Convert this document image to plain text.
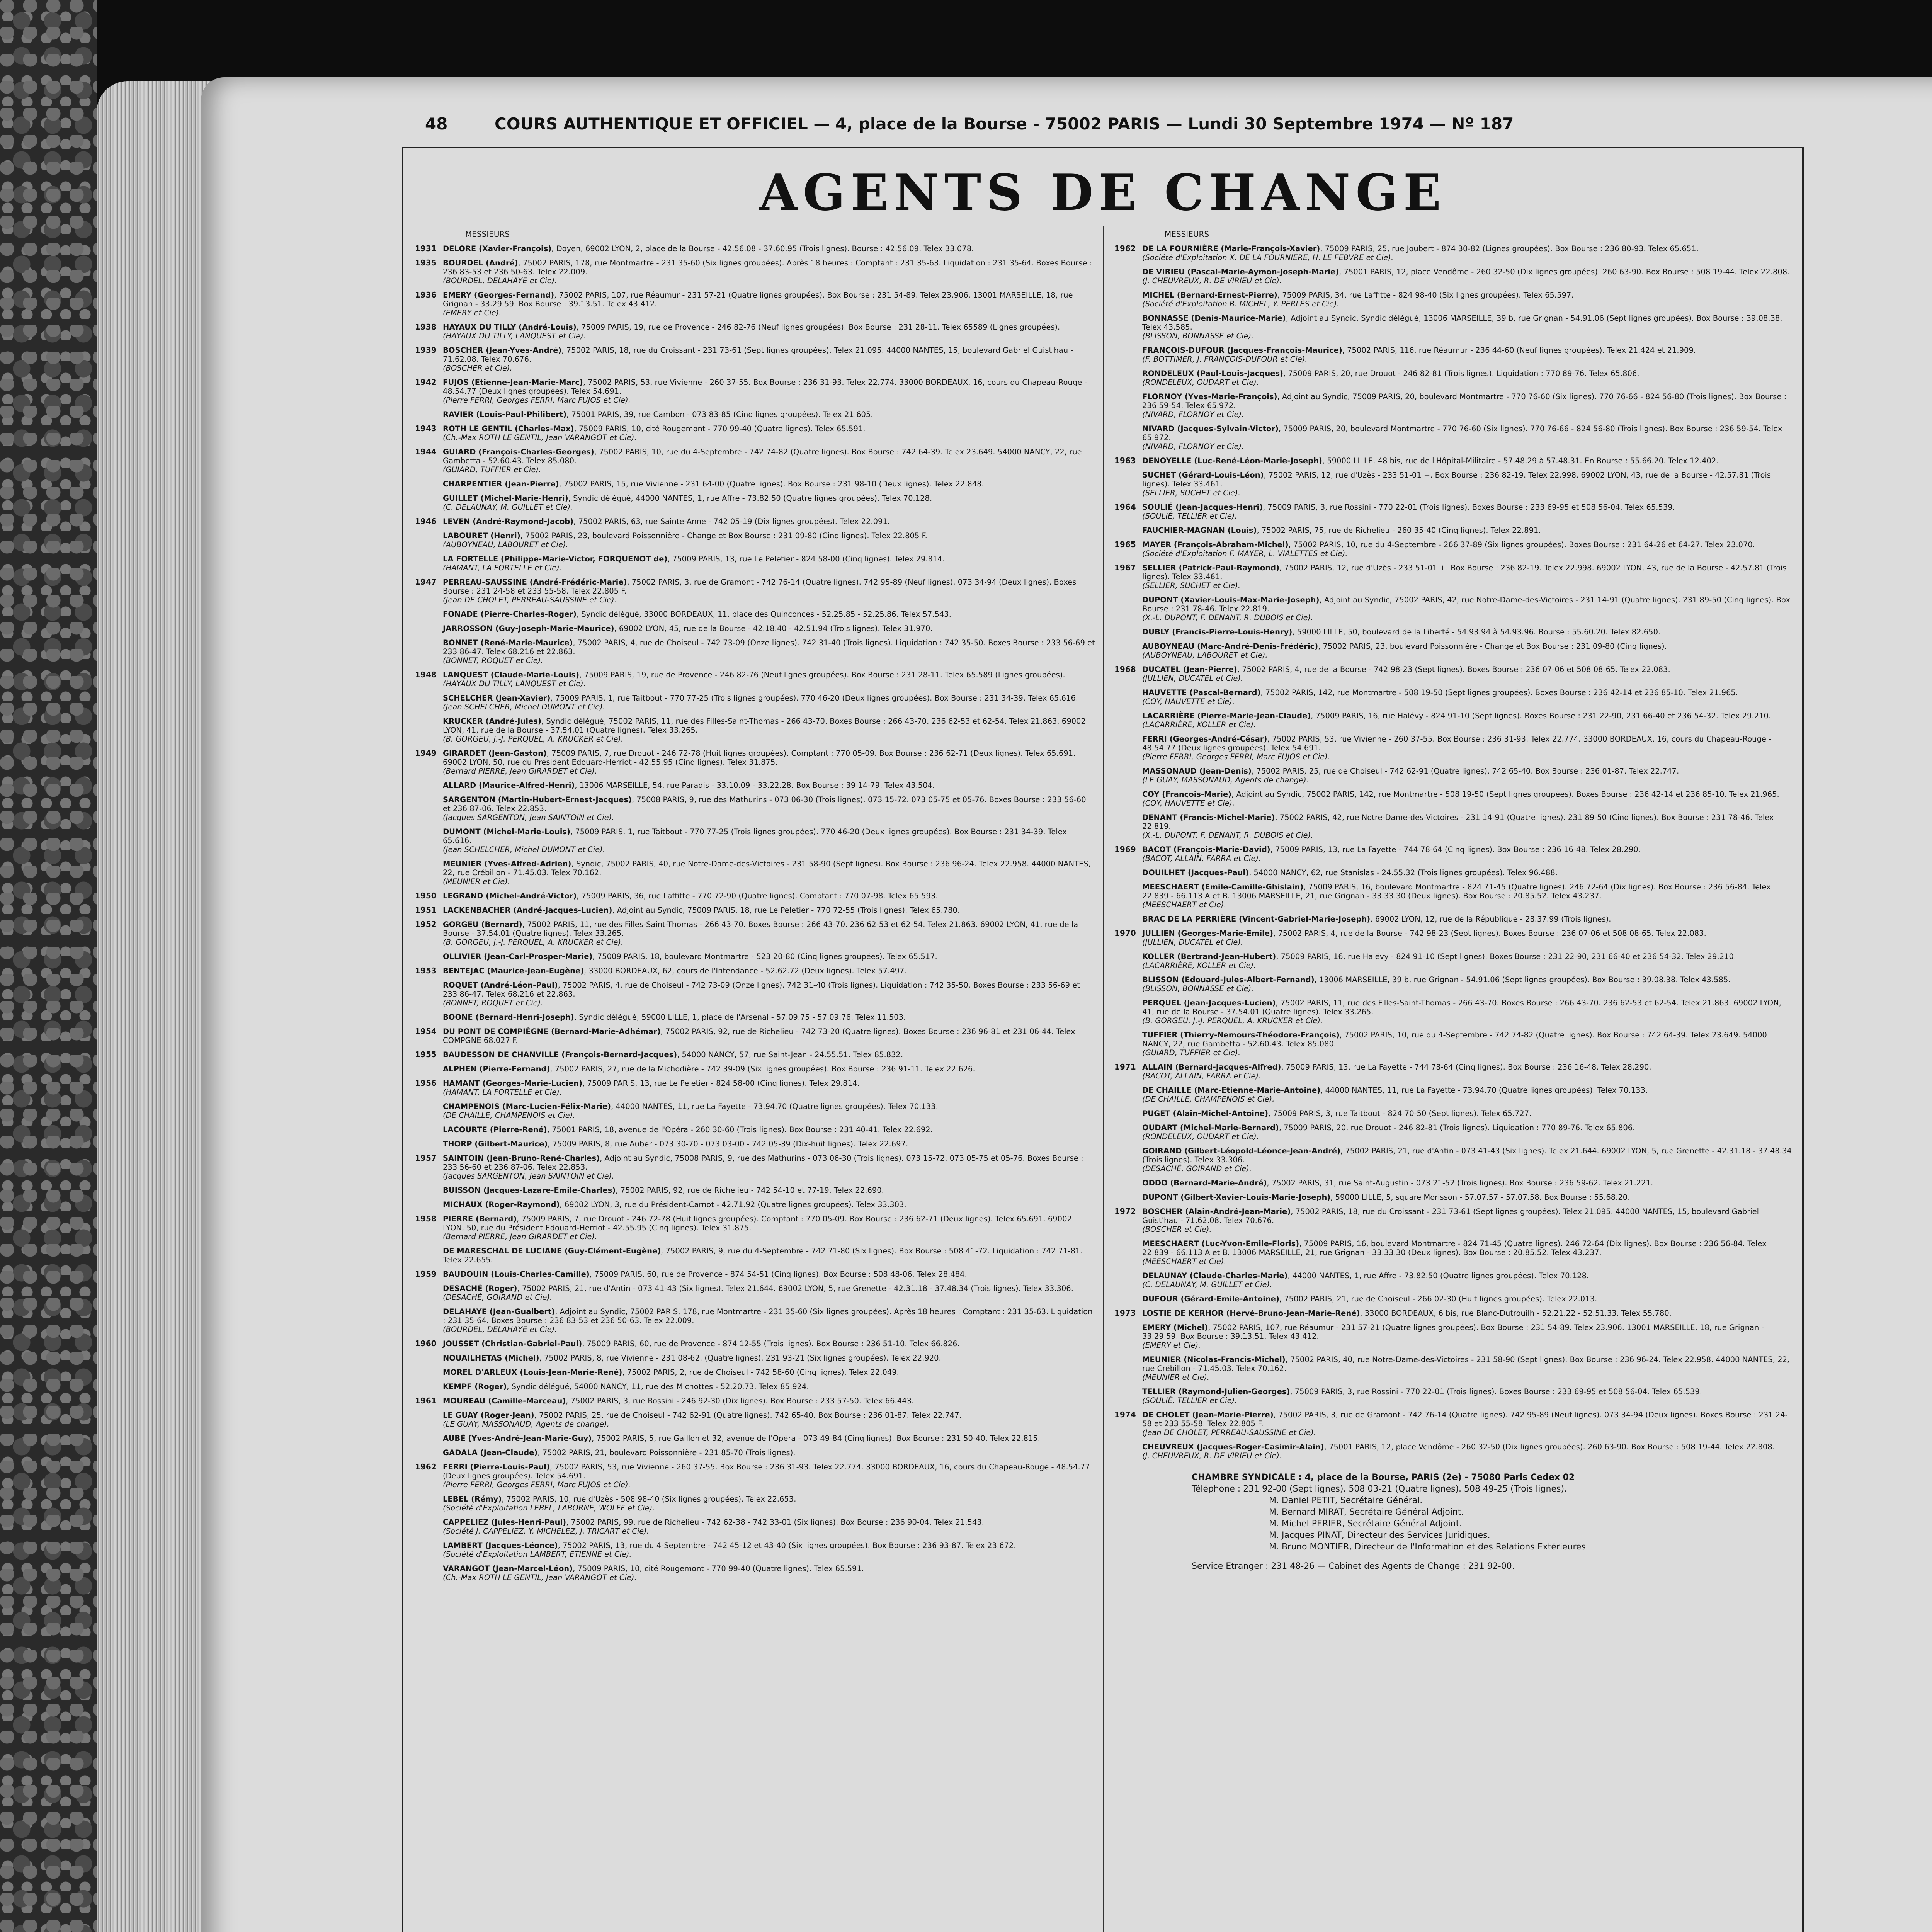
48	COURS AUTHENTIQUE ET OFFICIEL — 4, place de la Bourse - 75002 PARIS — Lundi 30 Septembre 1974 — Nº 187
AGENTS DE CHANGE
MESSIEURS
1931 DELORE (Xavier-François), Doyen, 69002 LYON, 2, place de la Bourse - 42.56.08 - 37.60.95 (Trois lignes). Bourse : 42.56.09. Telex 33.078.
1935 BOURDEL (André), 75002 PARIS, 178, rue Montmartre - 231 35-60 (Six lignes groupées). Après 18 heures : Comptant : 231 35-63. Liquidation : 231 35-64. Boxes Bourse : 236 83-53 et 236 50-63. Telex 22.009.
(BOURDEL, DELAHAYE et Cie).
1936 EMERY (Georges-Fernand), 75002 PARIS, 107, rue Réaumur - 231 57-21 (Quatre lignes groupées). Box Bourse : 231 54-89. Telex 23.906. 13001 MARSEILLE, 18, rue Grignan - 33.29.59. Box Bourse : 39.13.51. Telex 43.412.
(EMERY et Cie).
1938 HAYAUX DU TILLY (André-Louis), 75009 PARIS, 19, rue de Provence - 246 82-76 (Neuf lignes groupées). Box Bourse : 231 28-11. Telex 65589 (Lignes groupées).
(HAYAUX DU TILLY, LANQUEST et Cie).
1939 BOSCHER (Jean-Yves-André), 75002 PARIS, 18, rue du Croissant - 231 73-61 (Sept lignes groupées). Telex 21.095. 44000 NANTES, 15, boulevard Gabriel Guist'hau - 71.62.08. Telex 70.676.
(BOSCHER et Cie).
1942 FUJOS (Etienne-Jean-Marie-Marc), 75002 PARIS, 53, rue Vivienne - 260 37-55. Box Bourse : 236 31-93. Telex 22.774. 33000 BORDEAUX, 16, cours du Chapeau-Rouge - 48.54.77 (Deux lignes groupées). Telex 54.691.
(Pierre FERRI, Georges FERRI, Marc FUJOS et Cie).
RAVIER (Louis-Paul-Philibert), 75001 PARIS, 39, rue Cambon - 073 83-85 (Cinq lignes groupées). Telex 21.605.
1943 ROTH LE GENTIL (Charles-Max), 75009 PARIS, 10, cité Rougemont - 770 99-40 (Quatre lignes). Telex 65.591.
(Ch.-Max ROTH LE GENTIL, Jean VARANGOT et Cie).
1944 GUIARD (François-Charles-Georges), 75002 PARIS, 10, rue du 4-Septembre - 742 74-82 (Quatre lignes). Box Bourse : 742 64-39. Telex 23.649. 54000 NANCY, 22, rue Gambetta - 52.60.43. Telex 85.080.
(GUIARD, TUFFIER et Cie).
CHARPENTIER (Jean-Pierre), 75002 PARIS, 15, rue Vivienne - 231 64-00 (Quatre lignes). Box Bourse : 231 98-10 (Deux lignes). Telex 22.848.
GUILLET (Michel-Marie-Henri), Syndic délégué, 44000 NANTES, 1, rue Affre - 73.82.50 (Quatre lignes groupées). Telex 70.128.
(C. DELAUNAY, M. GUILLET et Cie).
1946 LEVEN (André-Raymond-Jacob), 75002 PARIS, 63, rue Sainte-Anne - 742 05-19 (Dix lignes groupées). Telex 22.091.
LABOURET (Henri), 75002 PARIS, 23, boulevard Poissonnière - Change et Box Bourse : 231 09-80 (Cinq lignes). Telex 22.805 F.
(AUBOYNEAU, LABOURET et Cie).
LA FORTELLE (Philippe-Marie-Victor, FORQUENOT de), 75009 PARIS, 13, rue Le Peletier - 824 58-00 (Cinq lignes). Telex 29.814.
(HAMANT, LA FORTELLE et Cie).
1947 PERREAU-SAUSSINE (André-Frédéric-Marie), 75002 PARIS, 3, rue de Gramont - 742 76-14 (Quatre lignes). 742 95-89 (Neuf lignes). 073 34-94 (Deux lignes). Boxes Bourse : 231 24-58 et 233 55-58. Telex 22.805 F.
(Jean DE CHOLET, PERREAU-SAUSSINE et Cie).
FONADE (Pierre-Charles-Roger), Syndic délégué, 33000 BORDEAUX, 11, place des Quinconces - 52.25.85 - 52.25.86. Telex 57.543.
JARROSSON (Guy-Joseph-Marie-Maurice), 69002 LYON, 45, rue de la Bourse - 42.18.40 - 42.51.94 (Trois lignes). Telex 31.970.
BONNET (René-Marie-Maurice), 75002 PARIS, 4, rue de Choiseul - 742 73-09 (Onze lignes). 742 31-40 (Trois lignes). Liquidation : 742 35-50. Boxes Bourse : 233 56-69 et 233 86-47. Telex 68.216 et 22.863.
(BONNET, ROQUET et Cie).
1948 LANQUEST (Claude-Marie-Louis), 75009 PARIS, 19, rue de Provence - 246 82-76 (Neuf lignes groupées). Box Bourse : 231 28-11. Telex 65.589 (Lignes groupées).
(HAYAUX DU TILLY, LANQUEST et Cie).
SCHELCHER (Jean-Xavier), 75009 PARIS, 1, rue Taitbout - 770 77-25 (Trois lignes groupées). 770 46-20 (Deux lignes groupées). Box Bourse : 231 34-39. Telex 65.616.
(Jean SCHELCHER, Michel DUMONT et Cie).
KRUCKER (André-Jules), Syndic délégué, 75002 PARIS, 11, rue des Filles-Saint-Thomas - 266 43-70. Boxes Bourse : 266 43-70. 236 62-53 et 62-54. Telex 21.863. 69002 LYON, 41, rue de la Bourse - 37.54.01 (Quatre lignes). Telex 33.265.
(B. GORGEU, J.-J. PERQUEL, A. KRUCKER et Cie).
1949 GIRARDET (Jean-Gaston), 75009 PARIS, 7, rue Drouot - 246 72-78 (Huit lignes groupées). Comptant : 770 05-09. Box Bourse : 236 62-71 (Deux lignes). Telex 65.691. 69002 LYON, 50, rue du Président Edouard-Herriot - 42.55.95 (Cinq lignes). Telex 31.875.
(Bernard PIERRE, Jean GIRARDET et Cie).
ALLARD (Maurice-Alfred-Henri), 13006 MARSEILLE, 54, rue Paradis - 33.10.09 - 33.22.28. Box Bourse : 39 14-79. Telex 43.504.
SARGENTON (Martin-Hubert-Ernest-Jacques), 75008 PARIS, 9, rue des Mathurins - 073 06-30 (Trois lignes). 073 15-72. 073 05-75 et 05-76. Boxes Bourse : 233 56-60 et 236 87-06. Telex 22.853.
(Jacques SARGENTON, Jean SAINTOIN et Cie).
DUMONT (Michel-Marie-Louis), 75009 PARIS, 1, rue Taitbout - 770 77-25 (Trois lignes groupées). 770 46-20 (Deux lignes groupées). Box Bourse : 231 34-39. Telex 65.616.
(Jean SCHELCHER, Michel DUMONT et Cie).
MEUNIER (Yves-Alfred-Adrien), Syndic, 75002 PARIS, 40, rue Notre-Dame-des-Victoires - 231 58-90 (Sept lignes). Box Bourse : 236 96-24. Telex 22.958. 44000 NANTES, 22, rue Crébillon - 71.45.03. Telex 70.162.
(MEUNIER et Cie).
1950 LEGRAND (Michel-André-Victor), 75009 PARIS, 36, rue Laffitte - 770 72-90 (Quatre lignes). Comptant : 770 07-98. Telex 65.593.
1951 LACKENBACHER (André-Jacques-Lucien), Adjoint au Syndic, 75009 PARIS, 18, rue Le Peletier - 770 72-55 (Trois lignes). Telex 65.780.
1952 GORGEU (Bernard), 75002 PARIS, 11, rue des Filles-Saint-Thomas - 266 43-70. Boxes Bourse : 266 43-70. 236 62-53 et 62-54. Telex 21.863. 69002 LYON, 41, rue de la Bourse - 37.54.01 (Quatre lignes). Telex 33.265.
(B. GORGEU, J.-J. PERQUEL, A. KRUCKER et Cie).
OLLIVIER (Jean-Carl-Prosper-Marie), 75009 PARIS, 18, boulevard Montmartre - 523 20-80 (Cinq lignes groupées). Telex 65.517.
1953 BENTEJAC (Maurice-Jean-Eugène), 33000 BORDEAUX, 62, cours de l'Intendance - 52.62.72 (Deux lignes). Telex 57.497.
ROQUET (André-Léon-Paul), 75002 PARIS, 4, rue de Choiseul - 742 73-09 (Onze lignes). 742 31-40 (Trois lignes). Liquidation : 742 35-50. Boxes Bourse : 233 56-69 et 233 86-47. Telex 68.216 et 22.863.
(BONNET, ROQUET et Cie).
BOONE (Bernard-Henri-Joseph), Syndic délégué, 59000 LILLE, 1, place de l'Arsenal - 57.09.75 - 57.09.76. Telex 11.503.
1954 DU PONT DE COMPIÈGNE (Bernard-Marie-Adhémar), 75002 PARIS, 92, rue de Richelieu - 742 73-20 (Quatre lignes). Boxes Bourse : 236 96-81 et 231 06-44. Telex COMPGNE 68.027 F.
1955 BAUDESSON DE CHANVILLE (François-Bernard-Jacques), 54000 NANCY, 57, rue Saint-Jean - 24.55.51. Telex 85.832.
ALPHEN (Pierre-Fernand), 75002 PARIS, 27, rue de la Michodière - 742 39-09 (Six lignes groupées). Box Bourse : 236 91-11. Telex 22.626.
1956 HAMANT (Georges-Marie-Lucien), 75009 PARIS, 13, rue Le Peletier - 824 58-00 (Cinq lignes). Telex 29.814.
(HAMANT, LA FORTELLE et Cie).
CHAMPENOIS (Marc-Lucien-Félix-Marie), 44000 NANTES, 11, rue La Fayette - 73.94.70 (Quatre lignes groupées). Telex 70.133.
(DE CHAILLE, CHAMPENOIS et Cie).
LACOURTE (Pierre-René), 75001 PARIS, 18, avenue de l'Opéra - 260 30-60 (Trois lignes). Box Bourse : 231 40-41. Telex 22.692.
THORP (Gilbert-Maurice), 75009 PARIS, 8, rue Auber - 073 30-70 - 073 03-00 - 742 05-39 (Dix-huit lignes). Telex 22.697.
1957 SAINTOIN (Jean-Bruno-René-Charles), Adjoint au Syndic, 75008 PARIS, 9, rue des Mathurins - 073 06-30 (Trois lignes). 073 15-72. 073 05-75 et 05-76. Boxes Bourse : 233 56-60 et 236 87-06. Telex 22.853.
(Jacques SARGENTON, Jean SAINTOIN et Cie).
BUISSON (Jacques-Lazare-Emile-Charles), 75002 PARIS, 92, rue de Richelieu - 742 54-10 et 77-19. Telex 22.690.
MICHAUX (Roger-Raymond), 69002 LYON, 3, rue du Président-Carnot - 42.71.92 (Quatre lignes groupées). Telex 33.303.
1958 PIERRE (Bernard), 75009 PARIS, 7, rue Drouot - 246 72-78 (Huit lignes groupées). Comptant : 770 05-09. Box Bourse : 236 62-71 (Deux lignes). Telex 65.691. 69002 LYON, 50, rue du Président Edouard-Herriot - 42.55.95 (Cinq lignes). Telex 31.875.
(Bernard PIERRE, Jean GIRARDET et Cie).
DE MARESCHAL DE LUCIANE (Guy-Clément-Eugène), 75002 PARIS, 9, rue du 4-Septembre - 742 71-80 (Six lignes). Box Bourse : 508 41-72. Liquidation : 742 71-81. Telex 22.655.
1959 BAUDOUIN (Louis-Charles-Camille), 75009 PARIS, 60, rue de Provence - 874 54-51 (Cinq lignes). Box Bourse : 508 48-06. Telex 28.484.
DESACHÉ (Roger), 75002 PARIS, 21, rue d'Antin - 073 41-43 (Six lignes). Telex 21.644. 69002 LYON, 5, rue Grenette - 42.31.18 - 37.48.34 (Trois lignes). Telex 33.306.
(DESACHÉ, GOIRAND et Cie).
DELAHAYE (Jean-Gualbert), Adjoint au Syndic, 75002 PARIS, 178, rue Montmartre - 231 35-60 (Six lignes groupées). Après 18 heures : Comptant : 231 35-63. Liquidation : 231 35-64. Boxes Bourse : 236 83-53 et 236 50-63. Telex 22.009.
(BOURDEL, DELAHAYE et Cie).
1960 JOUSSET (Christian-Gabriel-Paul), 75009 PARIS, 60, rue de Provence - 874 12-55 (Trois lignes). Box Bourse : 236 51-10. Telex 66.826.
NOUAILHETAS (Michel), 75002 PARIS, 8, rue Vivienne - 231 08-62. (Quatre lignes). 231 93-21 (Six lignes groupées). Telex 22.920.
MOREL D'ARLEUX (Louis-Jean-Marie-René), 75002 PARIS, 2, rue de Choiseul - 742 58-60 (Cinq lignes). Telex 22.049.
KEMPF (Roger), Syndic délégué, 54000 NANCY, 11, rue des Michottes - 52.20.73. Telex 85.924.
1961 MOUREAU (Camille-Marceau), 75002 PARIS, 3, rue Rossini - 246 92-30 (Dix lignes). Box Bourse : 233 57-50. Telex 66.443.
LE GUAY (Roger-Jean), 75002 PARIS, 25, rue de Choiseul - 742 62-91 (Quatre lignes). 742 65-40. Box Bourse : 236 01-87. Telex 22.747.
(LE GUAY, MASSONAUD, Agents de change).
AUBÉ (Yves-André-Jean-Marie-Guy), 75002 PARIS, 5, rue Gaillon et 32, avenue de l'Opéra - 073 49-84 (Cinq lignes). Box Bourse : 231 50-40. Telex 22.815.
GADALA (Jean-Claude), 75002 PARIS, 21, boulevard Poissonnière - 231 85-70 (Trois lignes).
1962 FERRI (Pierre-Louis-Paul), 75002 PARIS, 53, rue Vivienne - 260 37-55. Box Bourse : 236 31-93. Telex 22.774. 33000 BORDEAUX, 16, cours du Chapeau-Rouge - 48.54.77 (Deux lignes groupées). Telex 54.691.
(Pierre FERRI, Georges FERRI, Marc FUJOS et Cie).
LEBEL (Rémy), 75002 PARIS, 10, rue d'Uzès - 508 98-40 (Six lignes groupées). Telex 22.653.
(Société d'Exploitation LEBEL, LABORNE, WOLFF et Cie).
CAPPELIEZ (Jules-Henri-Paul), 75002 PARIS, 99, rue de Richelieu - 742 62-38 - 742 33-01 (Six lignes). Box Bourse : 236 90-04. Telex 21.543.
(Société J. CAPPELIEZ, Y. MICHELEZ, J. TRICART et Cie).
LAMBERT (Jacques-Léonce), 75002 PARIS, 13, rue du 4-Septembre - 742 45-12 et 43-40 (Six lignes groupées). Box Bourse : 236 93-87. Telex 23.672.
(Société d'Exploitation LAMBERT, ETIENNE et Cie).
VARANGOT (Jean-Marcel-Léon), 75009 PARIS, 10, cité Rougemont - 770 99-40 (Quatre lignes). Telex 65.591.
(Ch.-Max ROTH LE GENTIL, Jean VARANGOT et Cie).
MESSIEURS
1962 DE LA FOURNIÈRE (Marie-François-Xavier), 75009 PARIS, 25, rue Joubert - 874 30-82 (Lignes groupées). Box Bourse : 236 80-93. Telex 65.651.
(Société d'Exploitation X. DE LA FOURNIÈRE, H. LE FEBVRE et Cie).
DE VIRIEU (Pascal-Marie-Aymon-Joseph-Marie), 75001 PARIS, 12, place Vendôme - 260 32-50 (Dix lignes groupées). 260 63-90. Box Bourse : 508 19-44. Telex 22.808.
(J. CHEUVREUX, R. DE VIRIEU et Cie).
MICHEL (Bernard-Ernest-Pierre), 75009 PARIS, 34, rue Laffitte - 824 98-40 (Six lignes groupées). Telex 65.597.
(Société d'Exploitation B. MICHEL, Y. PERLÈS et Cie).
BONNASSE (Denis-Maurice-Marie), Adjoint au Syndic, Syndic délégué, 13006 MARSEILLE, 39 b, rue Grignan - 54.91.06 (Sept lignes groupées). Box Bourse : 39.08.38. Telex 43.585.
(BLISSON, BONNASSE et Cie).
FRANÇOIS-DUFOUR (Jacques-François-Maurice), 75002 PARIS, 116, rue Réaumur - 236 44-60 (Neuf lignes groupées). Telex 21.424 et 21.909.
(F. BOTTIMER, J. FRANÇOIS-DUFOUR et Cie).
RONDELEUX (Paul-Louis-Jacques), 75009 PARIS, 20, rue Drouot - 246 82-81 (Trois lignes). Liquidation : 770 89-76. Telex 65.806.
(RONDELEUX, OUDART et Cie).
FLORNOY (Yves-Marie-François), Adjoint au Syndic, 75009 PARIS, 20, boulevard Montmartre - 770 76-60 (Six lignes). 770 76-66 - 824 56-80 (Trois lignes). Box Bourse : 236 59-54. Telex 65.972.
(NIVARD, FLORNOY et Cie).
NIVARD (Jacques-Sylvain-Victor), 75009 PARIS, 20, boulevard Montmartre - 770 76-60 (Six lignes). 770 76-66 - 824 56-80 (Trois lignes). Box Bourse : 236 59-54. Telex 65.972.
(NIVARD, FLORNOY et Cie).
1963 DENOYELLE (Luc-René-Léon-Marie-Joseph), 59000 LILLE, 48 bis, rue de l'Hôpital-Militaire - 57.48.29 à 57.48.31. En Bourse : 55.66.20. Telex 12.402.
SUCHET (Gérard-Louis-Léon), 75002 PARIS, 12, rue d'Uzès - 233 51-01 +. Box Bourse : 236 82-19. Telex 22.998. 69002 LYON, 43, rue de la Bourse - 42.57.81 (Trois lignes). Telex 33.461.
(SELLIER, SUCHET et Cie).
1964 SOULIÉ (Jean-Jacques-Henri), 75009 PARIS, 3, rue Rossini - 770 22-01 (Trois lignes). Boxes Bourse : 233 69-95 et 508 56-04. Telex 65.539.
(SOULIÉ, TELLIER et Cie).
FAUCHIER-MAGNAN (Louis), 75002 PARIS, 75, rue de Richelieu - 260 35-40 (Cinq lignes). Telex 22.891.
1965 MAYER (François-Abraham-Michel), 75002 PARIS, 10, rue du 4-Septembre - 266 37-89 (Six lignes groupées). Boxes Bourse : 231 64-26 et 64-27. Telex 23.070.
(Société d'Exploitation F. MAYER, L. VIALETTES et Cie).
1967 SELLIER (Patrick-Paul-Raymond), 75002 PARIS, 12, rue d'Uzès - 233 51-01 +. Box Bourse : 236 82-19. Telex 22.998. 69002 LYON, 43, rue de la Bourse - 42.57.81 (Trois lignes). Telex 33.461.
(SELLIER, SUCHET et Cie).
DUPONT (Xavier-Louis-Max-Marie-Joseph), Adjoint au Syndic, 75002 PARIS, 42, rue Notre-Dame-des-Victoires - 231 14-91 (Quatre lignes). 231 89-50 (Cinq lignes). Box Bourse : 231 78-46. Telex 22.819.
(X.-L. DUPONT, F. DENANT, R. DUBOIS et Cie).
DUBLY (Francis-Pierre-Louis-Henry), 59000 LILLE, 50, boulevard de la Liberté - 54.93.94 à 54.93.96. Bourse : 55.60.20. Telex 82.650.
AUBOYNEAU (Marc-André-Denis-Frédéric), 75002 PARIS, 23, boulevard Poissonnière - Change et Box Bourse : 231 09-80 (Cinq lignes).
(AUBOYNEAU, LABOURET et Cie).
1968 DUCATEL (Jean-Pierre), 75002 PARIS, 4, rue de la Bourse - 742 98-23 (Sept lignes). Boxes Bourse : 236 07-06 et 508 08-65. Telex 22.083.
(JULLIEN, DUCATEL et Cie).
HAUVETTE (Pascal-Bernard), 75002 PARIS, 142, rue Montmartre - 508 19-50 (Sept lignes groupées). Boxes Bourse : 236 42-14 et 236 85-10. Telex 21.965.
(COY, HAUVETTE et Cie).
LACARRIÈRE (Pierre-Marie-Jean-Claude), 75009 PARIS, 16, rue Halévy - 824 91-10 (Sept lignes). Boxes Bourse : 231 22-90, 231 66-40 et 236 54-32. Telex 29.210.
(LACARRIÈRE, KOLLER et Cie).
FERRI (Georges-André-César), 75002 PARIS, 53, rue Vivienne - 260 37-55. Box Bourse : 236 31-93. Telex 22.774. 33000 BORDEAUX, 16, cours du Chapeau-Rouge - 48.54.77 (Deux lignes groupées). Telex 54.691.
(Pierre FERRI, Georges FERRI, Marc FUJOS et Cie).
MASSONAUD (Jean-Denis), 75002 PARIS, 25, rue de Choiseul - 742 62-91 (Quatre lignes). 742 65-40. Box Bourse : 236 01-87. Telex 22.747.
(LE GUAY, MASSONAUD, Agents de change).
COY (François-Marie), Adjoint au Syndic, 75002 PARIS, 142, rue Montmartre - 508 19-50 (Sept lignes groupées). Boxes Bourse : 236 42-14 et 236 85-10. Telex 21.965.
(COY, HAUVETTE et Cie).
DENANT (Francis-Michel-Marie), 75002 PARIS, 42, rue Notre-Dame-des-Victoires - 231 14-91 (Quatre lignes). 231 89-50 (Cinq lignes). Box Bourse : 231 78-46. Telex 22.819.
(X.-L. DUPONT, F. DENANT, R. DUBOIS et Cie).
1969 BACOT (François-Marie-David), 75009 PARIS, 13, rue La Fayette - 744 78-64 (Cinq lignes). Box Bourse : 236 16-48. Telex 28.290.
(BACOT, ALLAIN, FARRA et Cie).
DOUILHET (Jacques-Paul), 54000 NANCY, 62, rue Stanislas - 24.55.32 (Trois lignes groupées). Telex 96.488.
MEESCHAERT (Emile-Camille-Ghislain), 75009 PARIS, 16, boulevard Montmartre - 824 71-45 (Quatre lignes). 246 72-64 (Dix lignes). Box Bourse : 236 56-84. Telex 22.839 - 66.113 A et B. 13006 MARSEILLE, 21, rue Grignan - 33.33.30 (Deux lignes). Box Bourse : 20.85.52. Telex 43.237.
(MEESCHAERT et Cie).
BRAC DE LA PERRIÈRE (Vincent-Gabriel-Marie-Joseph), 69002 LYON, 12, rue de la République - 28.37.99 (Trois lignes).
1970 JULLIEN (Georges-Marie-Emile), 75002 PARIS, 4, rue de la Bourse - 742 98-23 (Sept lignes). Boxes Bourse : 236 07-06 et 508 08-65. Telex 22.083.
(JULLIEN, DUCATEL et Cie).
KOLLER (Bertrand-Jean-Hubert), 75009 PARIS, 16, rue Halévy - 824 91-10 (Sept lignes). Boxes Bourse : 231 22-90, 231 66-40 et 236 54-32. Telex 29.210.
(LACARRIÈRE, KOLLER et Cie).
BLISSON (Edouard-Jules-Albert-Fernand), 13006 MARSEILLE, 39 b, rue Grignan - 54.91.06 (Sept lignes groupées). Box Bourse : 39.08.38. Telex 43.585.
(BLISSON, BONNASSE et Cie).
PERQUEL (Jean-Jacques-Lucien), 75002 PARIS, 11, rue des Filles-Saint-Thomas - 266 43-70. Boxes Bourse : 266 43-70. 236 62-53 et 62-54. Telex 21.863. 69002 LYON, 41, rue de la Bourse - 37.54.01 (Quatre lignes). Telex 33.265.
(B. GORGEU, J.-J. PERQUEL, A. KRUCKER et Cie).
TUFFIER (Thierry-Nemours-Théodore-François), 75002 PARIS, 10, rue du 4-Septembre - 742 74-82 (Quatre lignes). Box Bourse : 742 64-39. Telex 23.649. 54000 NANCY, 22, rue Gambetta - 52.60.43. Telex 85.080.
(GUIARD, TUFFIER et Cie).
1971 ALLAIN (Bernard-Jacques-Alfred), 75009 PARIS, 13, rue La Fayette - 744 78-64 (Cinq lignes). Box Bourse : 236 16-48. Telex 28.290.
(BACOT, ALLAIN, FARRA et Cie).
DE CHAILLE (Marc-Etienne-Marie-Antoine), 44000 NANTES, 11, rue La Fayette - 73.94.70 (Quatre lignes groupées). Telex 70.133.
(DE CHAILLE, CHAMPENOIS et Cie).
PUGET (Alain-Michel-Antoine), 75009 PARIS, 3, rue Taitbout - 824 70-50 (Sept lignes). Telex 65.727.
OUDART (Michel-Marie-Bernard), 75009 PARIS, 20, rue Drouot - 246 82-81 (Trois lignes). Liquidation : 770 89-76. Telex 65.806.
(RONDELEUX, OUDART et Cie).
GOIRAND (Gilbert-Léopold-Léonce-Jean-André), 75002 PARIS, 21, rue d'Antin - 073 41-43 (Six lignes). Telex 21.644. 69002 LYON, 5, rue Grenette - 42.31.18 - 37.48.34 (Trois lignes). Telex 33.306.
(DESACHÉ, GOIRAND et Cie).
ODDO (Bernard-Marie-André), 75002 PARIS, 31, rue Saint-Augustin - 073 21-52 (Trois lignes). Box Bourse : 236 59-62. Telex 21.221.
DUPONT (Gilbert-Xavier-Louis-Marie-Joseph), 59000 LILLE, 5, square Morisson - 57.07.57 - 57.07.58. Box Bourse : 55.68.20.
1972 BOSCHER (Alain-André-Jean-Marie), 75002 PARIS, 18, rue du Croissant - 231 73-61 (Sept lignes groupées). Telex 21.095. 44000 NANTES, 15, boulevard Gabriel Guist'hau - 71.62.08. Telex 70.676.
(BOSCHER et Cie).
MEESCHAERT (Luc-Yvon-Emile-Floris), 75009 PARIS, 16, boulevard Montmartre - 824 71-45 (Quatre lignes). 246 72-64 (Dix lignes). Box Bourse : 236 56-84. Telex 22.839 - 66.113 A et B. 13006 MARSEILLE, 21, rue Grignan - 33.33.30 (Deux lignes). Box Bourse : 20.85.52. Telex 43.237.
(MEESCHAERT et Cie).
DELAUNAY (Claude-Charles-Marie), 44000 NANTES, 1, rue Affre - 73.82.50 (Quatre lignes groupées). Telex 70.128.
(C. DELAUNAY, M. GUILLET et Cie).
DUFOUR (Gérard-Emile-Antoine), 75002 PARIS, 21, rue de Choiseul - 266 02-30 (Huit lignes groupées). Telex 22.013.
1973 LOSTIE DE KERHOR (Hervé-Bruno-Jean-Marie-René), 33000 BORDEAUX, 6 bis, rue Blanc-Dutrouilh - 52.21.22 - 52.51.33. Telex 55.780.
EMERY (Michel), 75002 PARIS, 107, rue Réaumur - 231 57-21 (Quatre lignes groupées). Box Bourse : 231 54-89. Telex 23.906. 13001 MARSEILLE, 18, rue Grignan - 33.29.59. Box Bourse : 39.13.51. Telex 43.412.
(EMERY et Cie).
MEUNIER (Nicolas-Francis-Michel), 75002 PARIS, 40, rue Notre-Dame-des-Victoires - 231 58-90 (Sept lignes). Box Bourse : 236 96-24. Telex 22.958. 44000 NANTES, 22, rue Crébillon - 71.45.03. Telex 70.162.
(MEUNIER et Cie).
TELLIER (Raymond-Julien-Georges), 75009 PARIS, 3, rue Rossini - 770 22-01 (Trois lignes). Boxes Bourse : 233 69-95 et 508 56-04. Telex 65.539.
(SOULIÉ, TELLIER et Cie).
1974 DE CHOLET (Jean-Marie-Pierre), 75002 PARIS, 3, rue de Gramont - 742 76-14 (Quatre lignes). 742 95-89 (Neuf lignes). 073 34-94 (Deux lignes). Boxes Bourse : 231 24-58 et 233 55-58. Telex 22.805 F.
(Jean DE CHOLET, PERREAU-SAUSSINE et Cie).
CHEUVREUX (Jacques-Roger-Casimir-Alain), 75001 PARIS, 12, place Vendôme - 260 32-50 (Dix lignes groupées). 260 63-90. Box Bourse : 508 19-44. Telex 22.808.
(J. CHEUVREUX, R. DE VIRIEU et Cie).
CHAMBRE SYNDICALE : 4, place de la Bourse, PARIS (2e) - 75080 Paris Cedex 02
Téléphone : 231 92-00 (Sept lignes). 508 03-21 (Quatre lignes). 508 49-25 (Trois lignes).
M. Daniel PETIT, Secrétaire Général.
M. Bernard MIRAT, Secrétaire Général Adjoint.
M. Michel PERIER, Secrétaire Général Adjoint.
M. Jacques PINAT, Directeur des Services Juridiques.
M. Bruno MONTIER, Directeur de l'Information et des Relations Extérieures
Service Etranger : 231 48-26 — Cabinet des Agents de Change : 231 92-00.
